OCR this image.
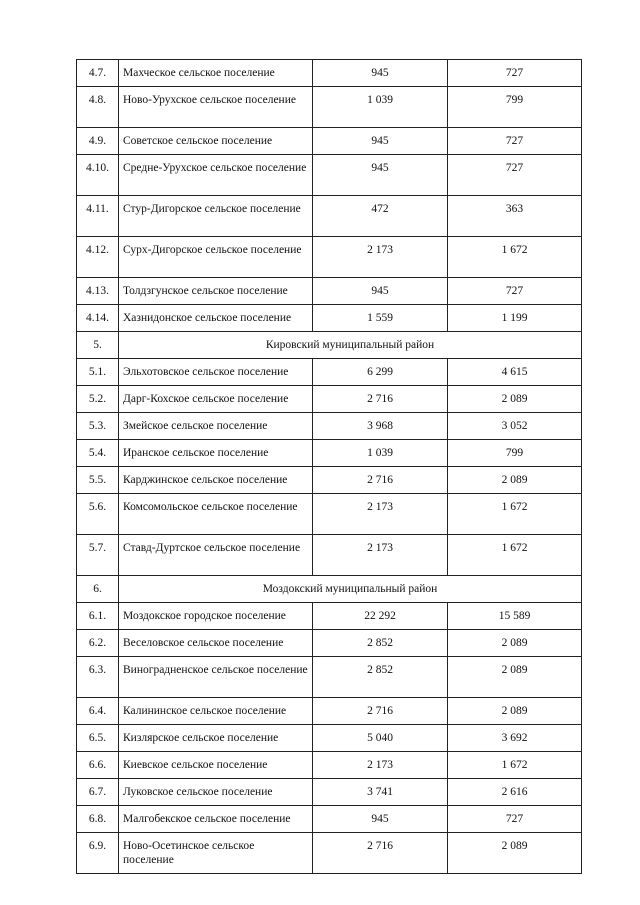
4.7.	Махческое сельское поселение	945	727
4.8.	Ново-Урухское сельское поселение	1 039	799
4.9.	Советское сельское поселение	945	727
4.10.	Средне-Урухское сельское поселение	945	727
4.11.	Стур-Дигорское сельское поселение	472	363
4.12.	Сурх-Дигорское сельское поселение	2 173	1 672
4.13.	Толдзгунское сельское поселение	945	727
4.14.	Хазнидонское сельское поселение	1 559	1 199
5.	Кировский муниципальный район		
5.1.	Эльхотовское сельское поселение	6 299	4 615
5.2.	Дарг-Кохское сельское поселение	2 716	2 089
5.3.	Змейское сельское поселение	3 968	3 052
5.4.	Иранское сельское поселение	1 039	799
5.5.	Карджинское сельское поселение	2 716	2 089
5.6.	Комсомольское сельское поселение	2 173	1 672
5.7.	Ставд-Дуртское сельское поселение	2 173	1 672
6.	Моздокский муниципальный район		
6.1.	Моздокское городское поселение	22 292	15 589
6.2.	Веселовское сельское поселение	2 852	2 089
6.3.	Виноградненское сельское поселение	2 852	2 089
6.4.	Калининское сельское поселение	2 716	2 089
6.5.	Кизлярское сельское поселение	5 040	3 692
6.6.	Киевское сельское поселение	2 173	1 672
6.7.	Луковское сельское поселение	3 741	2 616
6.8.	Малгобекское сельское поселение	945	727
6.9.	Ново-Осетинское сельское поселение	2 716	2 089
